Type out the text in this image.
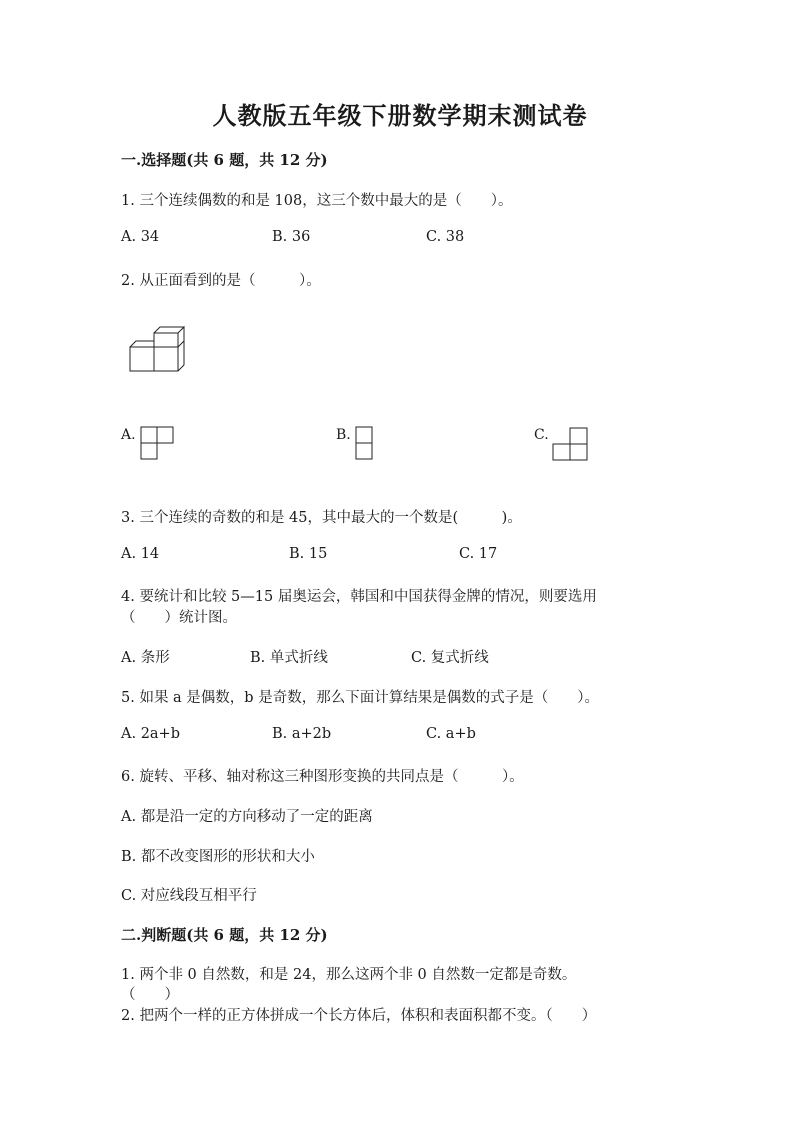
人教版五年级下册数学期末测试卷
一.选择题(共 6 题，共 12 分)
1. 三个连续偶数的和是 108，这三个数中最大的是（　　）。
A. 34	B. 36	C. 38
2. 从正面看到的是（　　　）。
A.	B.	C.
3. 三个连续的奇数的和是 45，其中最大的一个数是(　　　)。
A. 14	B. 15	C. 17
4. 要统计和比较 5—15 届奥运会，韩国和中国获得金牌的情况，则要选用
（　　）统计图。
A. 条形	B. 单式折线	C. 复式折线
5. 如果 a 是偶数，b 是奇数，那么下面计算结果是偶数的式子是（　　）。
A. 2a+b	B. a+2b	C. a+b
6. 旋转、平移、轴对称这三种图形变换的共同点是（　　　）。
A. 都是沿一定的方向移动了一定的距离
B. 都不改变图形的形状和大小
C. 对应线段互相平行
二.判断题(共 6 题，共 12 分)
1. 两个非 0 自然数，和是 24，那么这两个非 0 自然数一定都是奇数。
（　　）
2. 把两个一样的正方体拼成一个长方体后，体积和表面积都不变。（　　）
